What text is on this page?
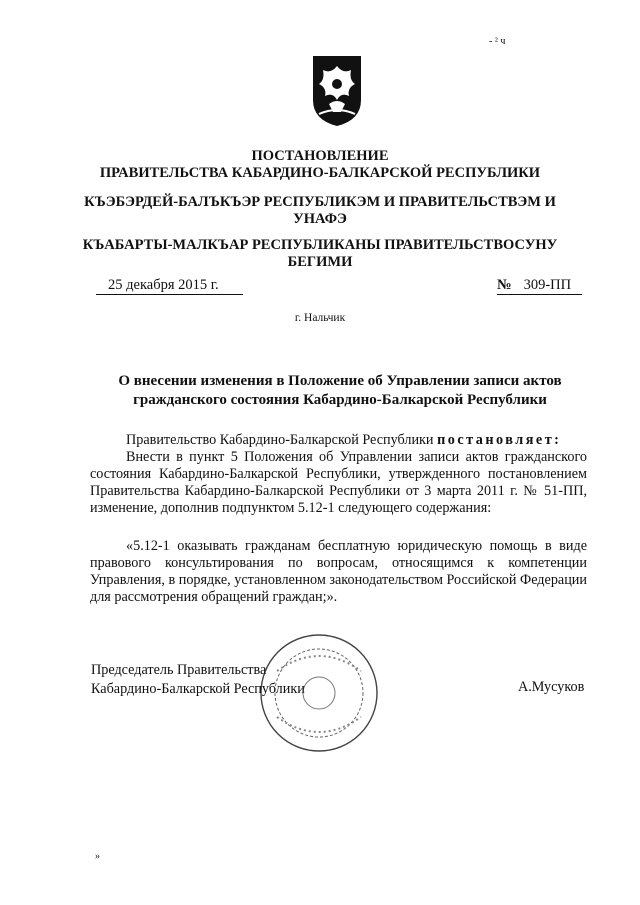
- ² ч
ПОСТАНОВЛЕНИЕ
ПРАВИТЕЛЬСТВА КАБАРДИНО-БАЛКАРСКОЙ РЕСПУБЛИКИ
КЪЭБЭРДЕЙ-БАЛЪКЪЭР РЕСПУБЛИКЭМ И ПРАВИТЕЛЬСТВЭМ И
УНАФЭ
КЪАБАРТЫ-МАЛКЪАР РЕСПУБЛИКАНЫ ПРАВИТЕЛЬСТВОСУНУ
БЕГИМИ
25 декабря 2015 г.	№ 309-ПП
г. Нальчик
О внесении изменения в Положение об Управлении записи актов
гражданского состояния Кабардино-Балкарской Республики
Правительство Кабардино-Балкарской Республики постановляет:
Внести в пункт 5 Положения об Управлении записи актов гражданского состояния Кабардино-Балкарской Республики, утвержденного постановлением Правительства Кабардино-Балкарской Республики от 3 марта 2011 г. № 51-ПП, изменение, дополнив подпунктом 5.12-1 следующего содержания:
«5.12-1 оказывать гражданам бесплатную юридическую помощь в виде правового консультирования по вопросам, относящимся к компетенции Управления, в порядке, установленном законодательством Российской Федерации для рассмотрения обращений граждан;».
Председатель Правительства
Кабардино-Балкарской Республики	А.Мусуков
»
